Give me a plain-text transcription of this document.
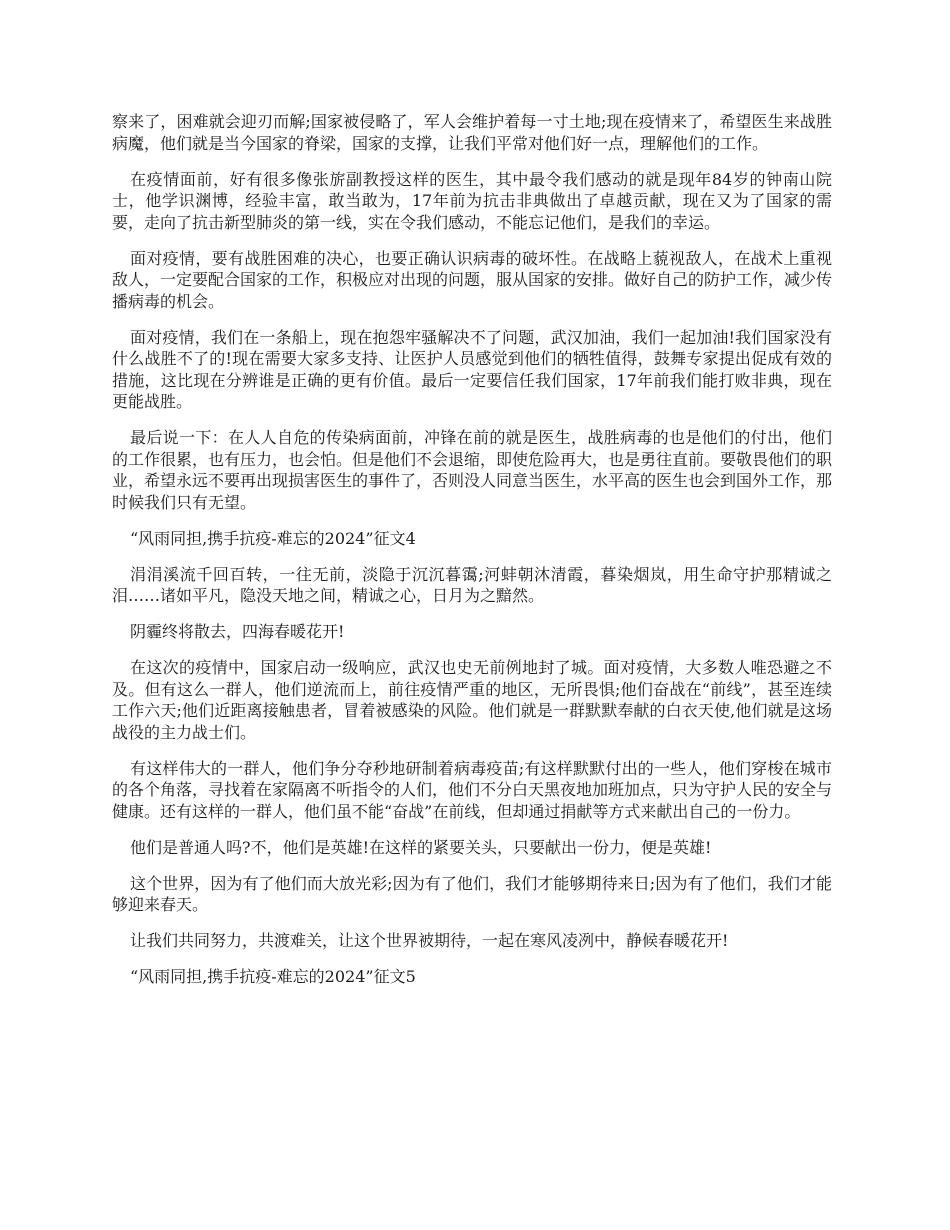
察来了，困难就会迎刃而解;国家被侵略了，军人会维护着每一寸土地;现在疫情来了，希望医生来战胜病魔，他们就是当今国家的脊梁，国家的支撑，让我们平常对他们好一点，理解他们的工作。

在疫情面前，好有很多像张旂副教授这样的医生，其中最令我们感动的就是现年84岁的钟南山院士，他学识渊博，经验丰富，敢当敢为，17年前为抗击非典做出了卓越贡献，现在又为了国家的需要，走向了抗击新型肺炎的第一线，实在令我们感动，不能忘记他们，是我们的幸运。

面对疫情，要有战胜困难的决心，也要正确认识病毒的破坏性。在战略上藐视敌人，在战术上重视敌人，一定要配合国家的工作，积极应对出现的问题，服从国家的安排。做好自己的防护工作，减少传播病毒的机会。

面对疫情，我们在一条船上，现在抱怨牢骚解决不了问题，武汉加油，我们一起加油!我们国家没有什么战胜不了的!现在需要大家多支持、让医护人员感觉到他们的牺牲值得，鼓舞专家提出促成有效的措施，这比现在分辨谁是正确的更有价值。最后一定要信任我们国家，17年前我们能打败非典，现在更能战胜。

最后说一下：在人人自危的传染病面前，冲锋在前的就是医生，战胜病毒的也是他们的付出，他们的工作很累，也有压力，也会怕。但是他们不会退缩，即使危险再大，也是勇往直前。要敬畏他们的职业，希望永远不要再出现损害医生的事件了，否则没人同意当医生，水平高的医生也会到国外工作，那时候我们只有无望。

“风雨同担,携手抗疫-难忘的2024”征文4

涓涓溪流千回百转，一往无前，淡隐于沉沉暮霭;河蚌朝沐清霞，暮染烟岚，用生命守护那精诚之泪……诸如平凡，隐没天地之间，精诚之心，日月为之黯然。

阴霾终将散去，四海春暖花开!

在这次的疫情中，国家启动一级响应，武汉也史无前例地封了城。面对疫情，大多数人唯恐避之不及。但有这么一群人，他们逆流而上，前往疫情严重的地区，无所畏惧;他们奋战在“前线”，甚至连续工作六天;他们近距离接触患者，冒着被感染的风险。他们就是一群默默奉献的白衣天使,他们就是这场战役的主力战士们。

有这样伟大的一群人，他们争分夺秒地研制着病毒疫苗;有这样默默付出的一些人，他们穿梭在城市的各个角落，寻找着在家隔离不听指令的人们，他们不分白天黑夜地加班加点，只为守护人民的安全与健康。还有这样的一群人，他们虽不能“奋战”在前线，但却通过捐献等方式来献出自己的一份力。

他们是普通人吗?不，他们是英雄!在这样的紧要关头，只要献出一份力，便是英雄!

这个世界，因为有了他们而大放光彩;因为有了他们，我们才能够期待来日;因为有了他们，我们才能够迎来春天。

让我们共同努力，共渡难关，让这个世界被期待，一起在寒风凌冽中，静候春暖花开!

“风雨同担,携手抗疫-难忘的2024”征文5
